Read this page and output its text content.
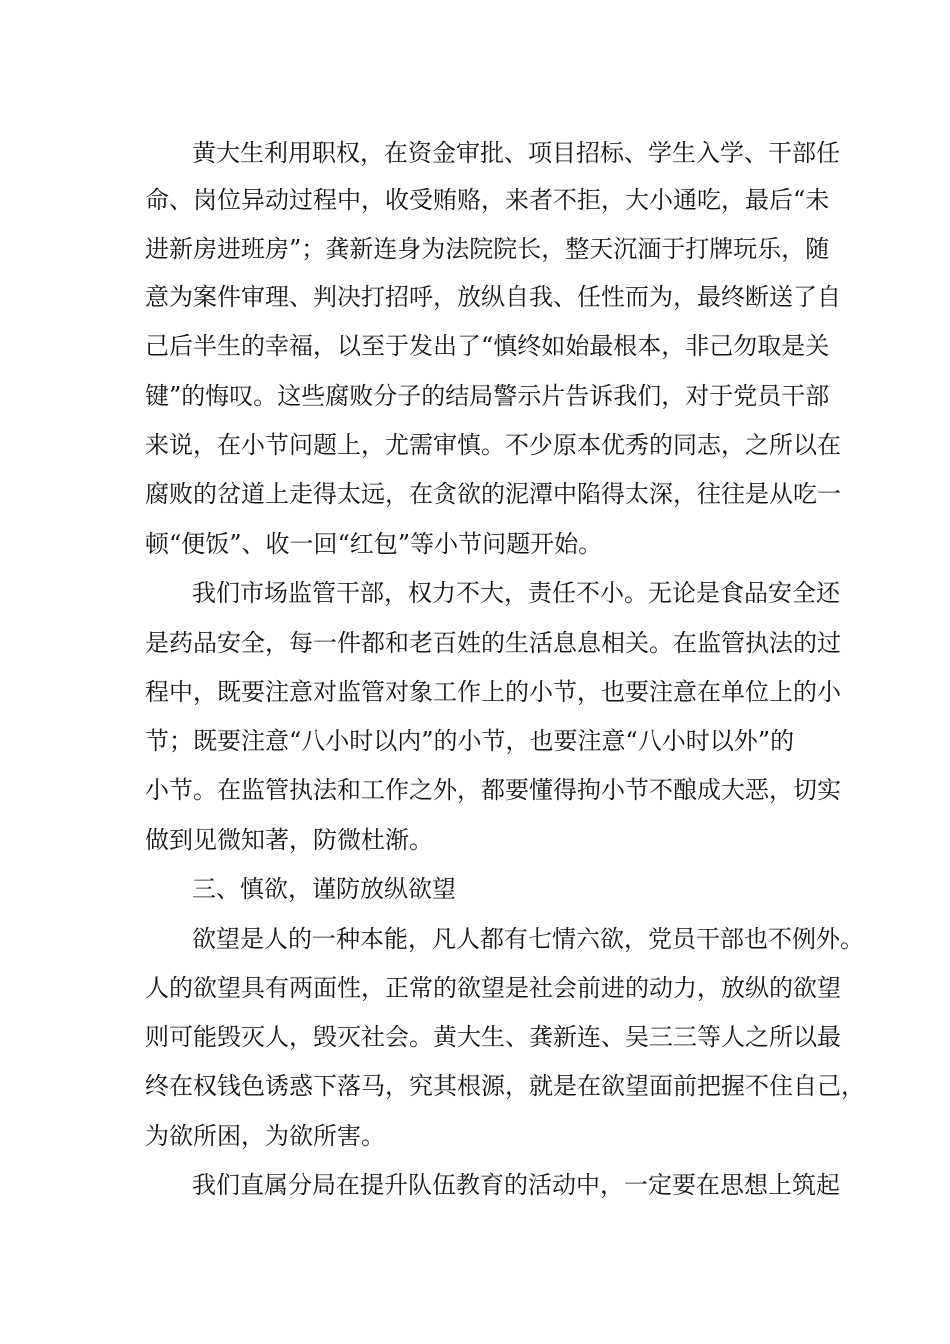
黄大生利用职权，在资金审批、项目招标、学生入学、干部任
命、岗位异动过程中，收受贿赂，来者不拒，大小通吃，最后“未
进新房进班房”；龚新连身为法院院长，整天沉湎于打牌玩乐，随
意为案件审理、判决打招呼，放纵自我、任性而为，最终断送了自
己后半生的幸福，以至于发出了“慎终如始最根本，非己勿取是关
键”的悔叹。这些腐败分子的结局警示片告诉我们，对于党员干部
来说，在小节问题上，尤需审慎。不少原本优秀的同志，之所以在
腐败的岔道上走得太远，在贪欲的泥潭中陷得太深，往往是从吃一
顿“便饭”、收一回“红包”等小节问题开始。
我们市场监管干部，权力不大，责任不小。无论是食品安全还
是药品安全，每一件都和老百姓的生活息息相关。在监管执法的过
程中，既要注意对监管对象工作上的小节，也要注意在单位上的小
节；既要注意“八小时以内”的小节，也要注意“八小时以外”的
小节。在监管执法和工作之外，都要懂得拘小节不酿成大恶，切实
做到见微知著，防微杜渐。
三、慎欲，谨防放纵欲望
欲望是人的一种本能，凡人都有七情六欲，党员干部也不例外。
人的欲望具有两面性，正常的欲望是社会前进的动力，放纵的欲望
则可能毁灭人，毁灭社会。黄大生、龚新连、吴三三等人之所以最
终在权钱色诱惑下落马，究其根源，就是在欲望面前把握不住自己，
为欲所困，为欲所害。
我们直属分局在提升队伍教育的活动中，一定要在思想上筑起
